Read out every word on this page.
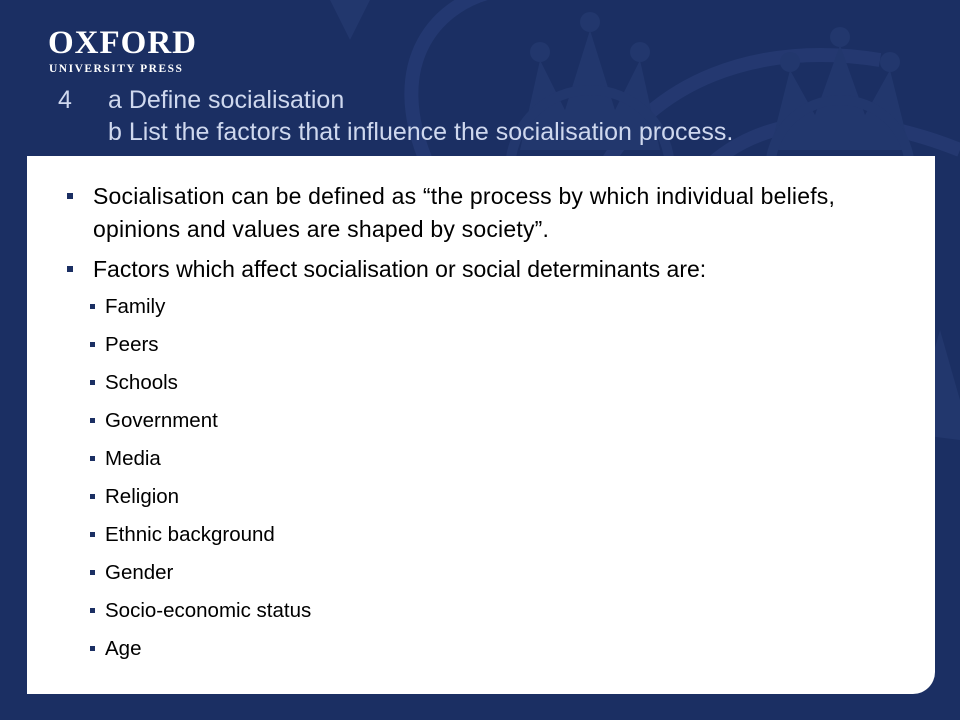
OXFORD
UNIVERSITY PRESS
4	a Define socialisation
b List the factors that influence the socialisation process.
Socialisation can be defined as “the process by which individual beliefs, opinions and values are shaped by society”.
Factors which affect socialisation or social determinants are:
Family
Peers
Schools
Government
Media
Religion
Ethnic background
Gender
Socio-economic status
Age
